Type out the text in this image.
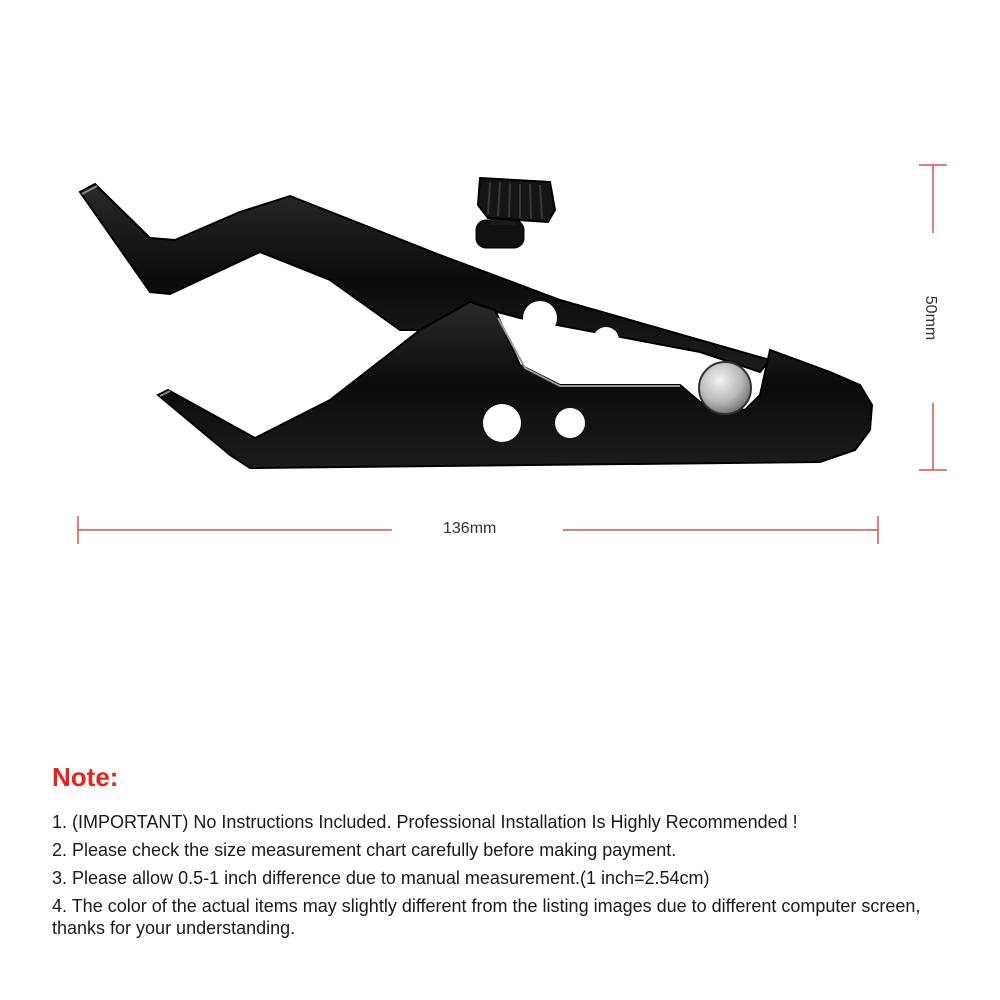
136mm
50mm
Note:
1. (IMPORTANT) No Instructions Included. Professional Installation Is Highly Recommended !
2. Please check the size measurement chart carefully before making payment.
3. Please allow 0.5-1 inch difference due to manual measurement.(1 inch=2.54cm)
4. The color of the actual items may slightly different from the listing images due to different computer screen, thanks for your understanding.
